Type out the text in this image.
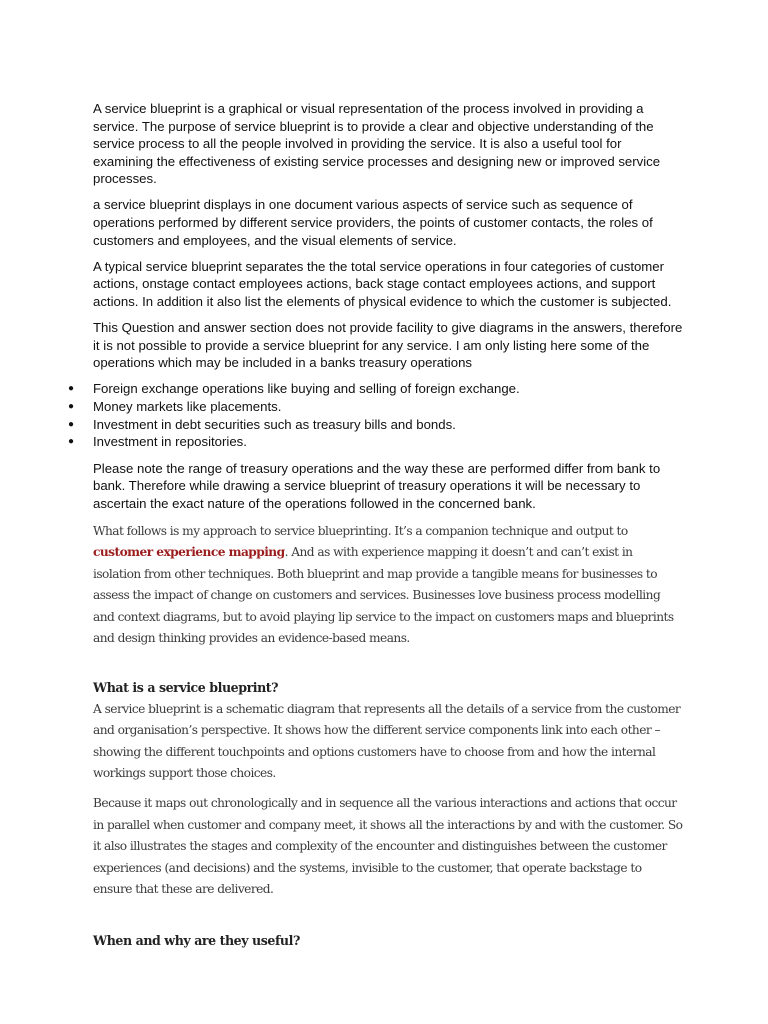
A service blueprint is a graphical or visual representation of the process involved in providing a service. The purpose of service blueprint is to provide a clear and objective understanding of the service process to all the people involved in providing the service. It is also a useful tool for examining the effectiveness of existing service processes and designing new or improved service processes.

a service blueprint displays in one document various aspects of service such as sequence of operations performed by different service providers, the points of customer contacts, the roles of customers and employees, and the visual elements of service.

A typical service blueprint separates the the total service operations in four categories of customer actions, onstage contact employees actions, back stage contact employees actions, and support actions. In addition it also list the elements of physical evidence to which the customer is subjected.

This Question and answer section does not provide facility to give diagrams in the answers, therefore it is not possible to provide a service blueprint for any service. I am only listing here some of the operations which may be included in a banks treasury operations

● Foreign exchange operations like buying and selling of foreign exchange.
● Money markets like placements.
● Investment in debt securities such as treasury bills and bonds.
● Investment in repositories.

Please note the range of treasury operations and the way these are performed differ from bank to bank. Therefore while drawing a service blueprint of treasury operations it will be necessary to ascertain the exact nature of the operations followed in the concerned bank.

What follows is my approach to service blueprinting. It’s a companion technique and output to customer experience mapping. And as with experience mapping it doesn’t and can’t exist in isolation from other techniques. Both blueprint and map provide a tangible means for businesses to assess the impact of change on customers and services. Businesses love business process modelling and context diagrams, but to avoid playing lip service to the impact on customers maps and blueprints and design thinking provides an evidence-based means.

What is a service blueprint?

A service blueprint is a schematic diagram that represents all the details of a service from the customer and organisation’s perspective. It shows how the different service components link into each other – showing the different touchpoints and options customers have to choose from and how the internal workings support those choices.

Because it maps out chronologically and in sequence all the various interactions and actions that occur in parallel when customer and company meet, it shows all the interactions by and with the customer. So it also illustrates the stages and complexity of the encounter and distinguishes between the customer experiences (and decisions) and the systems, invisible to the customer, that operate backstage to ensure that these are delivered.

When and why are they useful?
